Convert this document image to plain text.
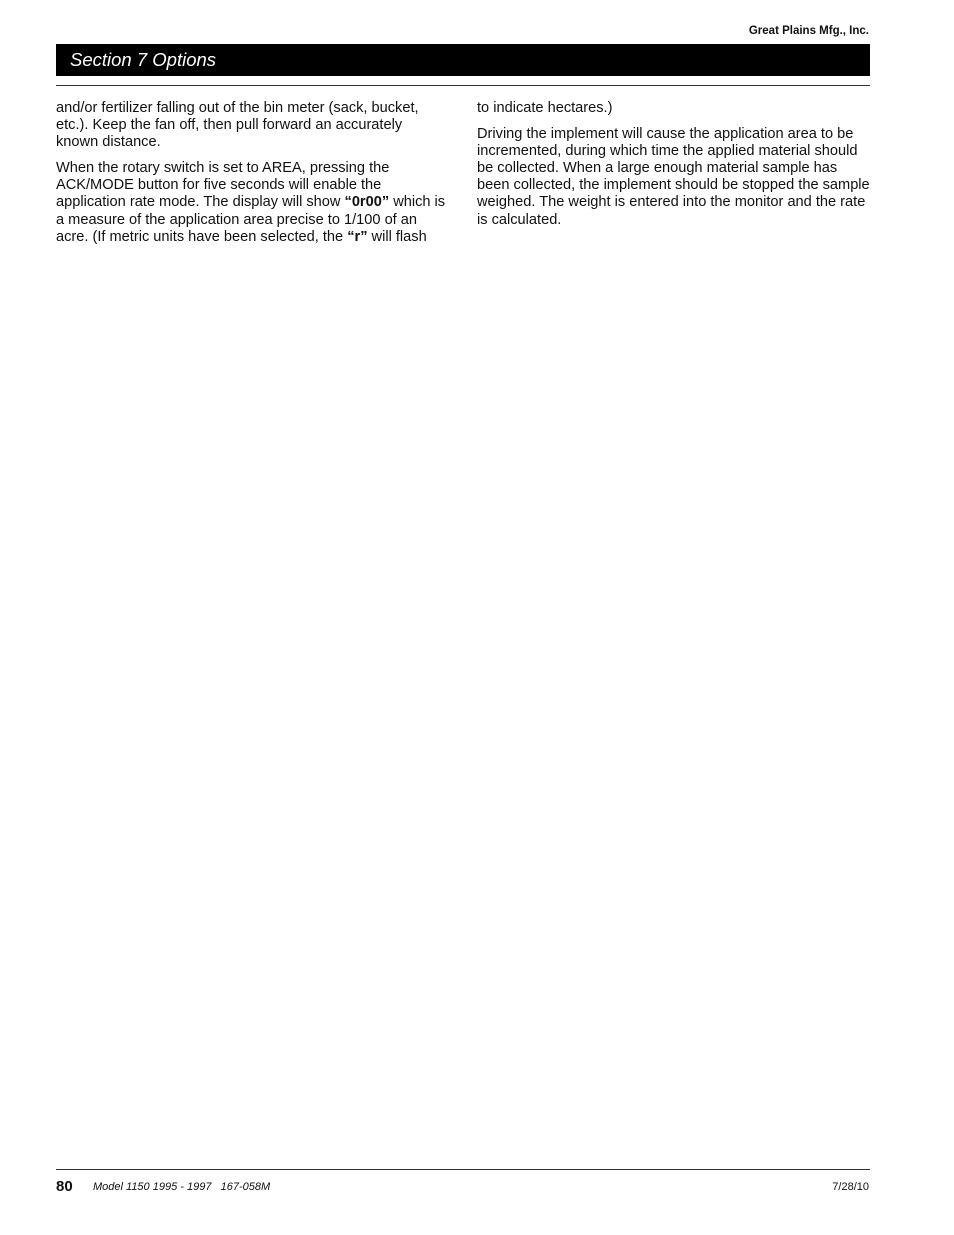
Great Plains Mfg., Inc.
Section 7 Options

and/or fertilizer falling out of the bin meter (sack, bucket, etc.). Keep the fan off, then pull forward an accurately known distance.

When the rotary switch is set to AREA, pressing the ACK/MODE button for five seconds will enable the application rate mode. The display will show “0r00” which is a measure of the application area precise to 1/100 of an acre. (If metric units have been selected, the “r” will flash

to indicate hectares.)

Driving the implement will cause the application area to be incremented, during which time the applied material should be collected. When a large enough material sample has been collected, the implement should be stopped the sample weighed. The weight is entered into the monitor and the rate is calculated.

80 Model 1150 1995 - 1997   167-058M	7/28/10
